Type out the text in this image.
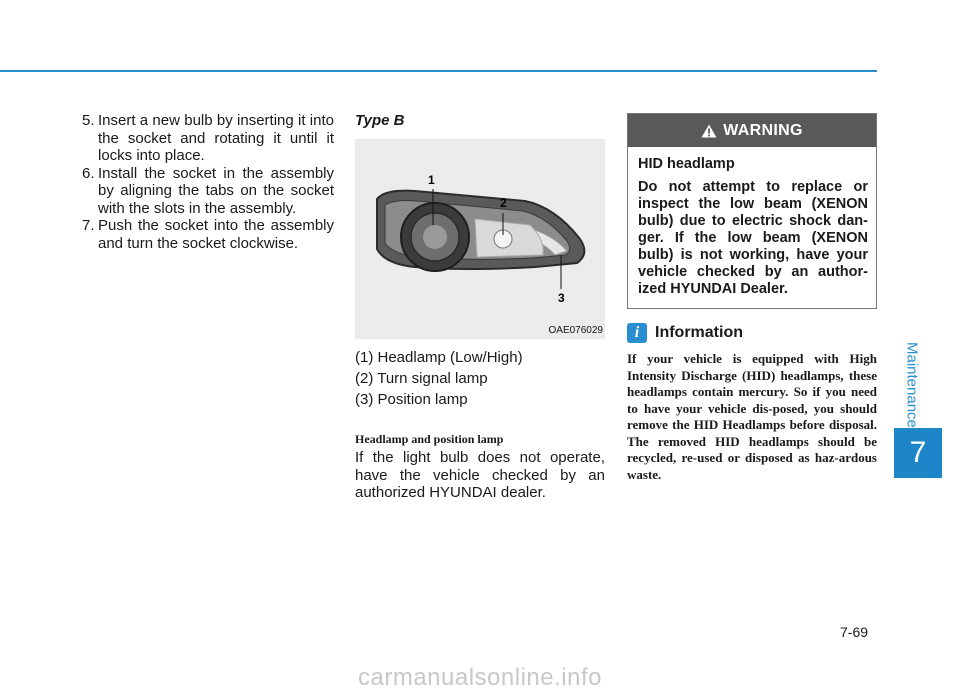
Maintenance
7
5. Insert a new bulb by inserting it into the socket and rotating it until it locks into place.
6. Install the socket in the assembly by aligning the tabs on the socket with the slots in the assembly.
7. Push the socket into the assembly and turn the socket clockwise.
Type B
1
2
3
OAE076029
(1) Headlamp (Low/High)
(2) Turn signal lamp
(3) Position lamp
Headlamp and position lamp
If the light bulb does not operate, have the vehicle checked by an authorized HYUNDAI dealer.
WARNING
HID headlamp
Do not attempt to replace or inspect the low beam (XENON bulb) due to electric shock dan-ger. If the low beam (XENON bulb) is not working, have your vehicle checked by an author-ized HYUNDAI Dealer.
i Information
If your vehicle is equipped with High Intensity Discharge (HID) headlamps, these headlamps contain mercury. So if you need to have your vehicle dis-posed, you should remove the HID Headlamps before disposal. The removed HID headlamps should be recycled, re-used or disposed as haz-ardous waste.
7-69
carmanualsonline.info
